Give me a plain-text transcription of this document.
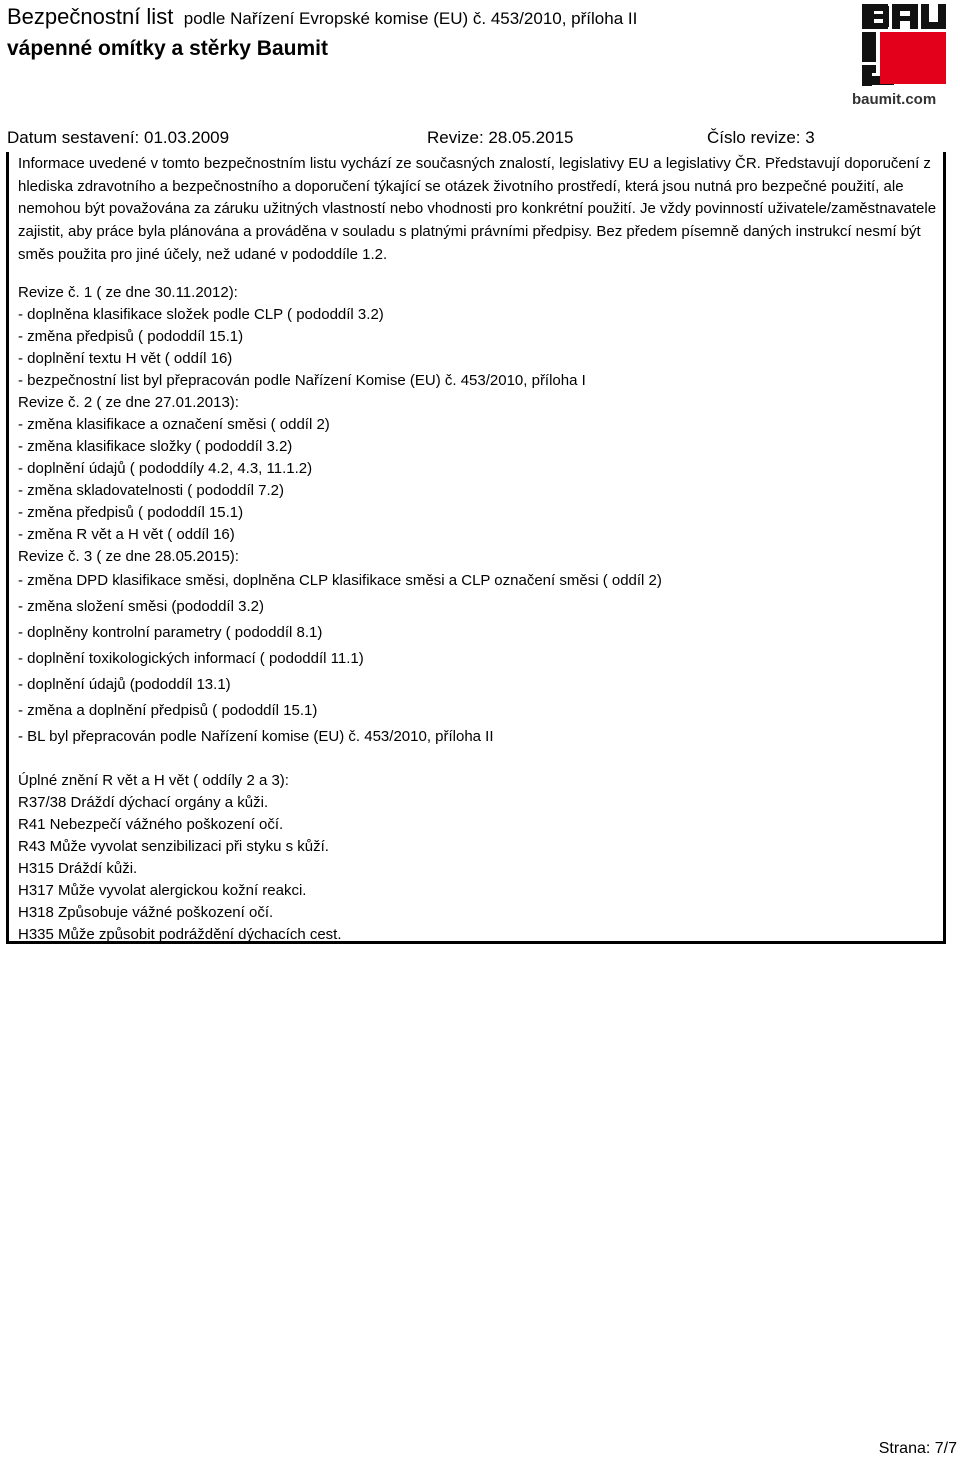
Bezpečnostní list podle Nařízení Evropské komise (EU) č. 453/2010, příloha II
vápenné omítky a stěrky Baumit
baumit.com
Datum sestavení: 01.03.2009	Revize: 28.05.2015	Číslo revize: 3

Informace uvedené v tomto bezpečnostním listu vychází ze současných znalostí, legislativy EU a legislativy ČR. Představují doporučení z hlediska zdravotního a bezpečnostního a doporučení týkající se otázek životního prostředí, která jsou nutná pro bezpečné použití, ale nemohou být považována za záruku užitných vlastností nebo vhodnosti pro konkrétní použití. Je vždy povinností uživatele/zaměstnavatele zajistit, aby práce byla plánována a prováděna v souladu s platnými právními předpisy. Bez předem písemně daných instrukcí nesmí být směs použita pro jiné účely, než udané v pododdíle 1.2.

Revize č. 1 ( ze dne 30.11.2012):
- doplněna klasifikace složek podle CLP ( pododdíl 3.2)
- změna předpisů ( pododdíl 15.1)
- doplnění textu H vět ( oddíl 16)
- bezpečnostní list byl přepracován podle Nařízení Komise (EU) č. 453/2010, příloha I
Revize č. 2 ( ze dne 27.01.2013):
- změna klasifikace a označení směsi ( oddíl 2)
- změna klasifikace složky ( pododdíl 3.2)
- doplnění údajů ( pododdíly 4.2, 4.3, 11.1.2)
- změna skladovatelnosti ( pododdíl 7.2)
- změna předpisů ( pododdíl 15.1)
- změna R vět a H vět ( oddíl 16)
Revize č. 3 ( ze dne 28.05.2015):
- změna DPD klasifikace směsi, doplněna CLP klasifikace směsi a CLP označení směsi ( oddíl 2)
- změna složení směsi (pododdíl 3.2)
- doplněny kontrolní parametry ( pododdíl 8.1)
- doplnění toxikologických informací ( pododdíl 11.1)
- doplnění údajů (pododdíl 13.1)
- změna a doplnění předpisů ( pododdíl 15.1)
- BL byl přepracován podle Nařízení komise (EU) č. 453/2010, příloha II
Úplné znění R vět a H vět ( oddíly 2 a 3):
R37/38 Dráždí dýchací orgány a kůži.
R41 Nebezpečí vážného poškození očí.
R43 Může vyvolat senzibilizaci při styku s kůží.
H315 Dráždí kůži.
H317 Může vyvolat alergickou kožní reakci.
H318 Způsobuje vážné poškození očí.
H335 Může způsobit podráždění dýchacích cest.
Strana: 7/7
